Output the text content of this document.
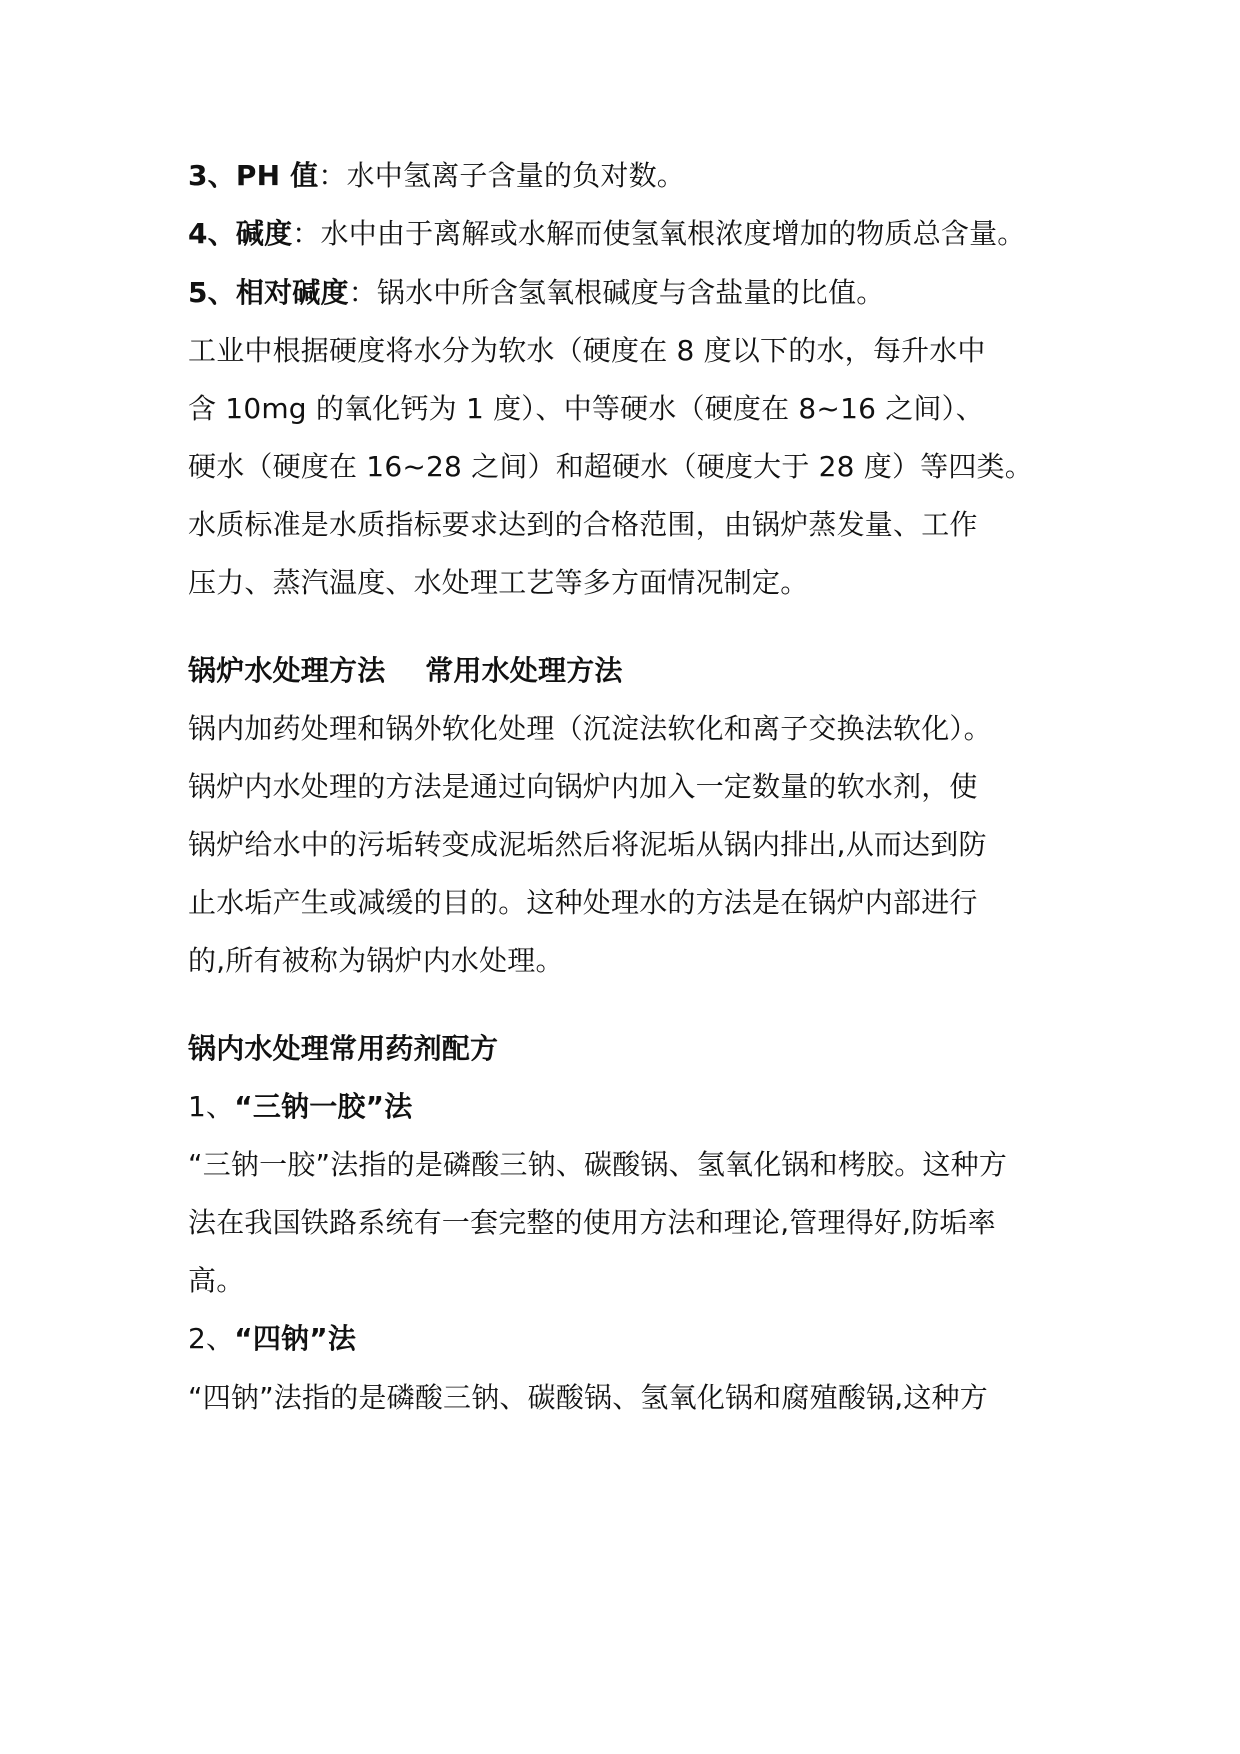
3、PH 值：水中氢离子含量的负对数。
4、碱度：水中由于离解或水解而使氢氧根浓度增加的物质总含量。
5、相对碱度：锅水中所含氢氧根碱度与含盐量的比值。
工业中根据硬度将水分为软水（硬度在 8 度以下的水，每升水中
含 10mg 的氧化钙为 1 度）、中等硬水（硬度在 8~16 之间）、
硬水（硬度在 16~28 之间）和超硬水（硬度大于 28 度）等四类。
水质标准是水质指标要求达到的合格范围，由锅炉蒸发量、工作
压力、蒸汽温度、水处理工艺等多方面情况制定。
锅炉水处理方法    常用水处理方法
锅内加药处理和锅外软化处理（沉淀法软化和离子交换法软化）。
锅炉内水处理的方法是通过向锅炉内加入一定数量的软水剂，使
锅炉给水中的污垢转变成泥垢然后将泥垢从锅内排出,从而达到防
止水垢产生或减缓的目的。这种处理水的方法是在锅炉内部进行
的,所有被称为锅炉内水处理。
锅内水处理常用药剂配方
1、“三钠一胶”法
“三钠一胶”法指的是磷酸三钠、碳酸锅、氢氧化锅和栲胶。这种方
法在我国铁路系统有一套完整的使用方法和理论,管理得好,防垢率
高。
2、“四钠”法
“四钠”法指的是磷酸三钠、碳酸锅、氢氧化锅和腐殖酸锅,这种方
